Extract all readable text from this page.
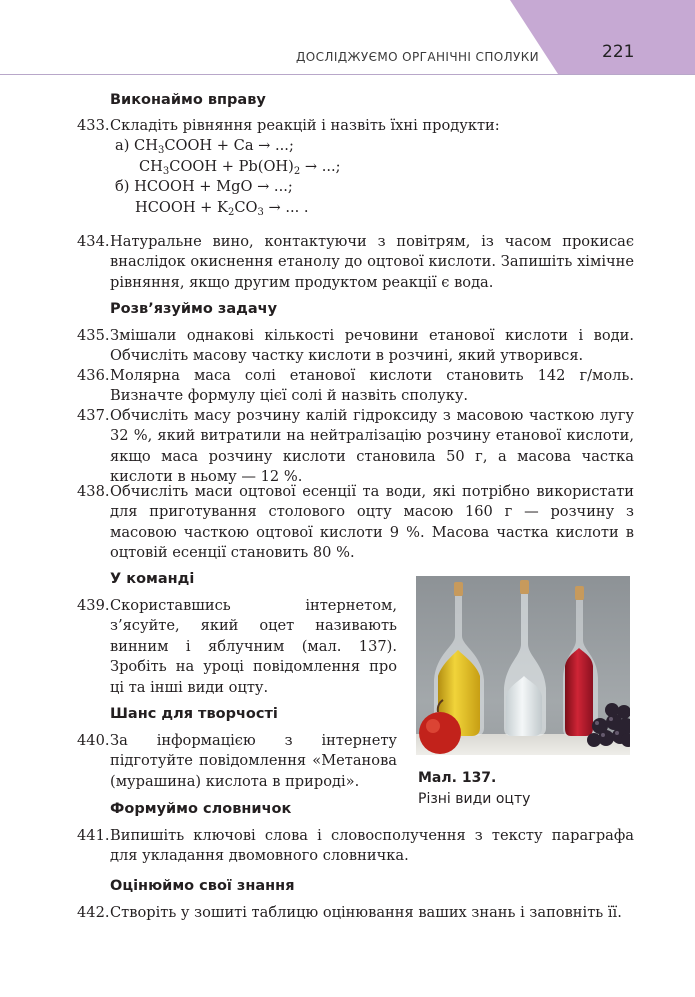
ДОСЛІДЖУЄМО ОРГАНІЧНІ СПОЛУКИ	221
Виконаймо вправу

433. Складіть рівняння реакцій і назвіть їхні продукти:

а) $CH_3COOH + Ca$ → ...;
$CH_3COOH + Pb(OH)_2$ → ...;
б) HCOOH + MgO → ...;
HCOOH + $K_2CO_3$ → ... .

434. Натуральне вино, контактуючи з повітрям, із часом прокисає внаслідок окиснення етанолу до оцтової кислоти. Запишіть хімічне рівняння, якщо другим продуктом реакції є вода.

Розв’язуймо задачу

435. Змішали однакові кількості речовини етанової кислоти і води. Обчисліть масову частку кислоти в розчині, який утворився.

436. Молярна маса солі етанової кислоти становить 142 г/моль. Визначте формулу цієї солі й назвіть сполуку.

437. Обчисліть масу розчину калій гідроксиду з масовою часткою лугу 32 %, який витратили на нейтралізацію розчину етанової кислоти, якщо маса розчину кислоти становила 50 г, а масова частка кислоти в ньому — 12 %.

438. Обчисліть маси оцтової есенції та води, які потрібно використати для приготування столового оцту масою 160 г — розчину з масовою часткою оцтової кислоти 9 %. Масова частка кислоти в оцтовій есенції становить 80 %.

У команді

439. Скориставшись інтернетом, з’ясуйте, який оцет називають винним і яблучним (мал. 137). Зробіть на уроці повідомлення про ці та інші види оцту.

Шанс для творчості

440. За інформацією з інтернету підготуйте повідомлення «Метанова (мурашина) кислота в природі».	Мал. 137.
Різні види оцту
Формуймо словничок

441. Випишіть ключові слова і словосполучення з тексту параграфа для укладання двомовного словничка.

Оцінюймо свої знання

442. Створіть у зошиті таблицю оцінювання ваших знань і заповніть її.
